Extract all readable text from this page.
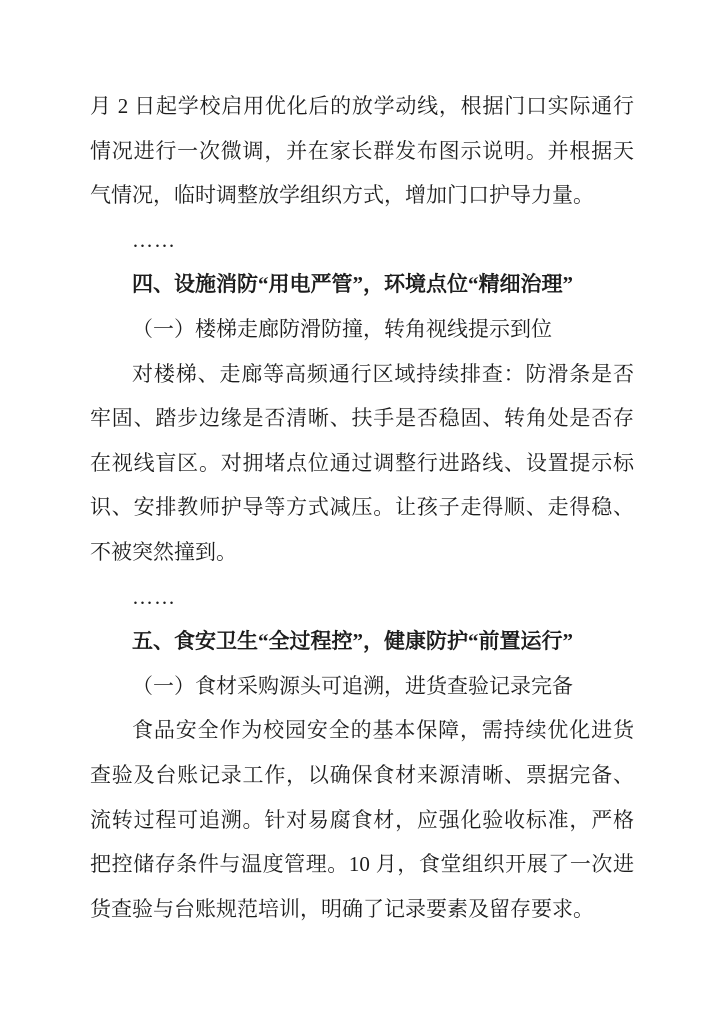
月 2 日起学校启用优化后的放学动线，根据门口实际通行情况进行一次微调，并在家长群发布图示说明。并根据天气情况，临时调整放学组织方式，增加门口护导力量。

……

四、设施消防“用电严管”，环境点位“精细治理”

（一）楼梯走廊防滑防撞，转角视线提示到位

对楼梯、走廊等高频通行区域持续排查：防滑条是否牢固、踏步边缘是否清晰、扶手是否稳固、转角处是否存在视线盲区。对拥堵点位通过调整行进路线、设置提示标识、安排教师护导等方式减压。让孩子走得顺、走得稳、不被突然撞到。

……

五、食安卫生“全过程控”，健康防护“前置运行”

（一）食材采购源头可追溯，进货查验记录完备

食品安全作为校园安全的基本保障，需持续优化进货查验及台账记录工作，以确保食材来源清晰、票据完备、流转过程可追溯。针对易腐食材，应强化验收标准，严格把控储存条件与温度管理。10 月，食堂组织开展了一次进货查验与台账规范培训，明确了记录要素及留存要求。
